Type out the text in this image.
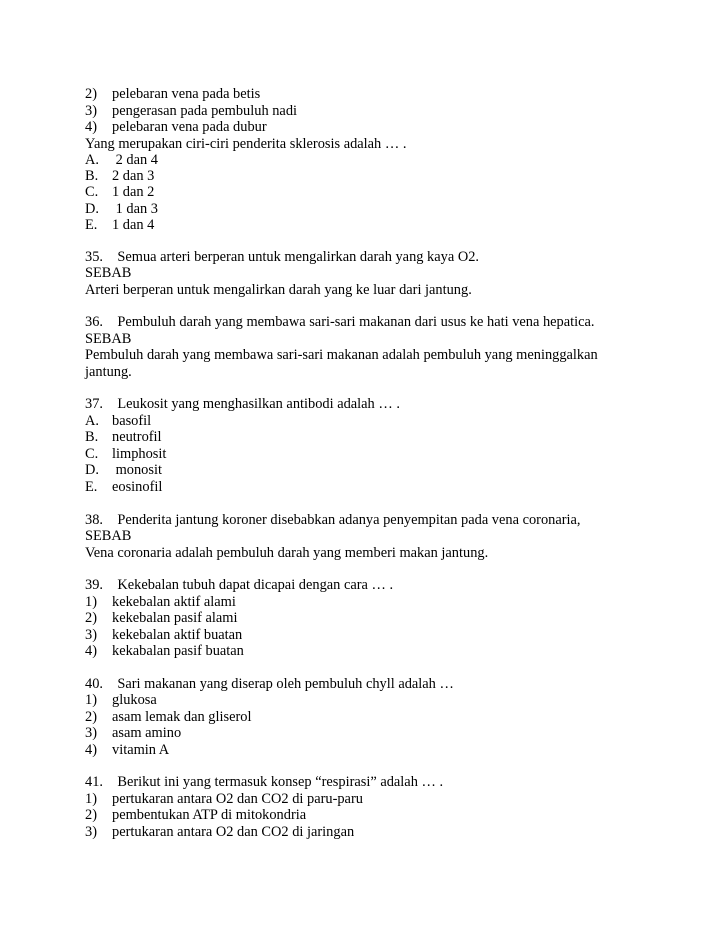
2) pelebaran vena pada betis
3) pengerasan pada pembuluh nadi
4) pelebaran vena pada dubur
Yang merupakan ciri-ciri penderita sklerosis adalah … .
A. 2 dan 4
B. 2 dan 3
C. 1 dan 2
D. 1 dan 3
E. 1 dan 4
35.    Semua arteri berperan untuk mengalirkan darah yang kaya O2.
SEBAB
Arteri berperan untuk mengalirkan darah yang ke luar dari jantung.
36.    Pembuluh darah yang membawa sari-sari makanan dari usus ke hati vena hepatica.
SEBAB
Pembuluh darah yang membawa sari-sari makanan adalah pembuluh yang meninggalkan
jantung.
37.    Leukosit yang menghasilkan antibodi adalah … .
A. basofil
B. neutrofil
C. limphosit
D. monosit
E. eosinofil
38.    Penderita jantung koroner disebabkan adanya penyempitan pada vena coronaria,
SEBAB
Vena coronaria adalah pembuluh darah yang memberi makan jantung.
39.    Kekebalan tubuh dapat dicapai dengan cara … .
1) kekebalan aktif alami
2) kekebalan pasif alami
3) kekebalan aktif buatan
4) kekabalan pasif buatan
40.    Sari makanan yang diserap oleh pembuluh chyll adalah …
1) glukosa
2) asam lemak dan gliserol
3) asam amino
4) vitamin A
41.    Berikut ini yang termasuk konsep “respirasi” adalah … .
1) pertukaran antara O2 dan CO2 di paru-paru
2) pembentukan ATP di mitokondria
3) pertukaran antara O2 dan CO2 di jaringan
